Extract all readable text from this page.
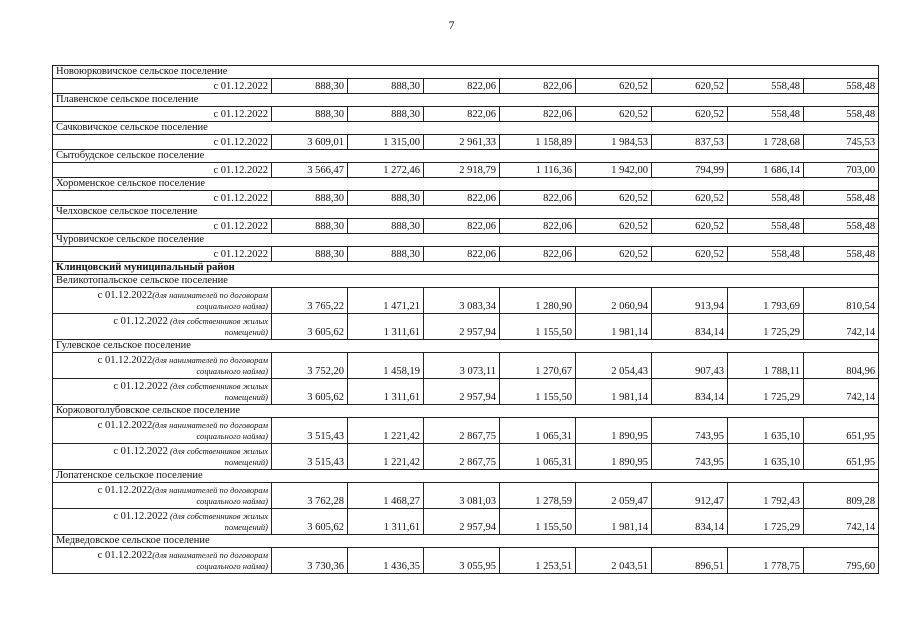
7
Новоюрковичское сельское поселение								
с 01.12.2022	888,30	888,30	822,06	822,06	620,52	620,52	558,48	558,48
Плавенское сельское поселение								
с 01.12.2022	888,30	888,30	822,06	822,06	620,52	620,52	558,48	558,48
Сачковичское сельское поселение								
с 01.12.2022	3 609,01	1 315,00	2 961,33	1 158,89	1 984,53	837,53	1 728,68	745,53
Сытобудское сельское поселение								
с 01.12.2022	3 566,47	1 272,46	2 918,79	1 116,36	1 942,00	794,99	1 686,14	703,00
Хороменское сельское поселение								
с 01.12.2022	888,30	888,30	822,06	822,06	620,52	620,52	558,48	558,48
Челховское сельское поселение								
с 01.12.2022	888,30	888,30	822,06	822,06	620,52	620,52	558,48	558,48
Чуровичское сельское поселение								
с 01.12.2022	888,30	888,30	822,06	822,06	620,52	620,52	558,48	558,48
Клинцовский муниципальный район								
Великотопальское сельское поселение								
с 01.12.2022(для нанимателей по договорам
социального найма)	3 765,22	1 471,21	3 083,34	1 280,90	2 060,94	913,94	1 793,69	810,54
с 01.12.2022 (для собственников жилых
помещений)	3 605,62	1 311,61	2 957,94	1 155,50	1 981,14	834,14	1 725,29	742,14
Гулевское сельское поселение								
с 01.12.2022(для нанимателей по договорам
социального найма)	3 752,20	1 458,19	3 073,11	1 270,67	2 054,43	907,43	1 788,11	804,96
с 01.12.2022 (для собственников жилых
помещений)	3 605,62	1 311,61	2 957,94	1 155,50	1 981,14	834,14	1 725,29	742,14
Коржовоголубовское сельское поселение								
с 01.12.2022(для нанимателей по договорам
социального найма)	3 515,43	1 221,42	2 867,75	1 065,31	1 890,95	743,95	1 635,10	651,95
с 01.12.2022 (для собственников жилых
помещений)	3 515,43	1 221,42	2 867,75	1 065,31	1 890,95	743,95	1 635,10	651,95
Лопатенское сельское поселение								
с 01.12.2022(для нанимателей по договорам
социального найма)	3 762,28	1 468,27	3 081,03	1 278,59	2 059,47	912,47	1 792,43	809,28
с 01.12.2022 (для собственников жилых
помещений)	3 605,62	1 311,61	2 957,94	1 155,50	1 981,14	834,14	1 725,29	742,14
Медведовское сельское поселение								
с 01.12.2022(для нанимателей по договорам
социального найма)	3 730,36	1 436,35	3 055,95	1 253,51	2 043,51	896,51	1 778,75	795,60
